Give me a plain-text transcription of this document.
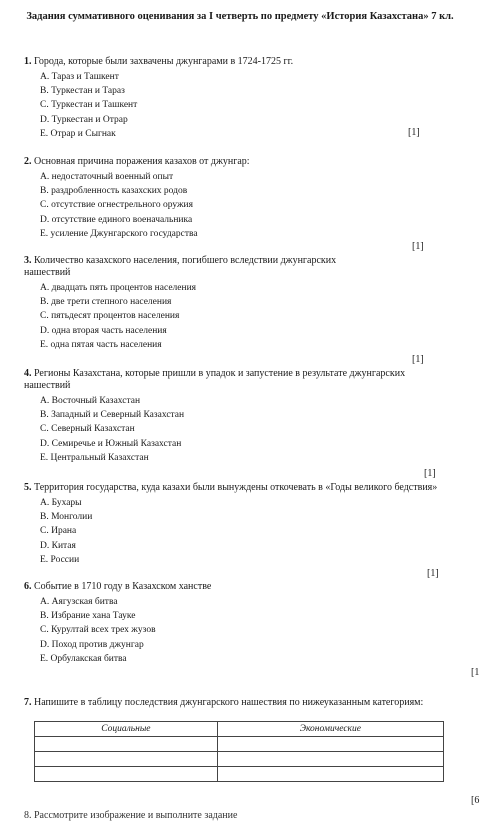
Задания суммативного оценивания за I четверть по предмету «История Казахстана» 7 кл.
1. Города, которые были захвачены джунгарами в 1724-1725 гг.
A. Тараз и Ташкент
B. Туркестан и Тараз
C. Туркестан и Ташкент
D. Туркестан и Отрар
E. Отрар и Сыгнак	[1]
2. Основная причина поражения казахов от джунгар:
A. недостаточный военный опыт
B. раздробленность казахских родов
C. отсутствие огнестрельного оружия
D. отсутствие единого военачальника
E. усиление Джунгарского государства
[1]
3. Количество казахского населения, погибшего вследствии джунгарских
нашествий
A. двадцать пять процентов населения
B. две трети степного населения
C. пятьдесят процентов населения
D. одна вторая часть населения
E. одна пятая часть населения
[1]
4. Регионы Казахстана, которые пришли в упадок и запустение в результате джунгарских
нашествий
A. Восточный Казахстан
B. Западный и Северный Казахстан
C. Северный Казахстан
D. Семиречье и Южный Казахстан
E. Центральный Казахстан
[1]
5. Территория государства, куда казахи были вынуждены откочевать в «Годы великого бедствия»
A. Бухары
B. Монголии
C. Ирана
D. Китая
E. России
[1]
6. Событие в 1710 году в Казахском ханстве
A. Аягузская битва
B. Избрание хана Тауке
C. Курултай всех трех жузов
D. Поход против джунгар
E. Орбулакская битва
[1
7. Напишите в таблицу последствия джунгарского нашествия по нижеуказанным категориям:
Социальные	Экономические

[6
8. Рассмотрите изображение и выполните задание
